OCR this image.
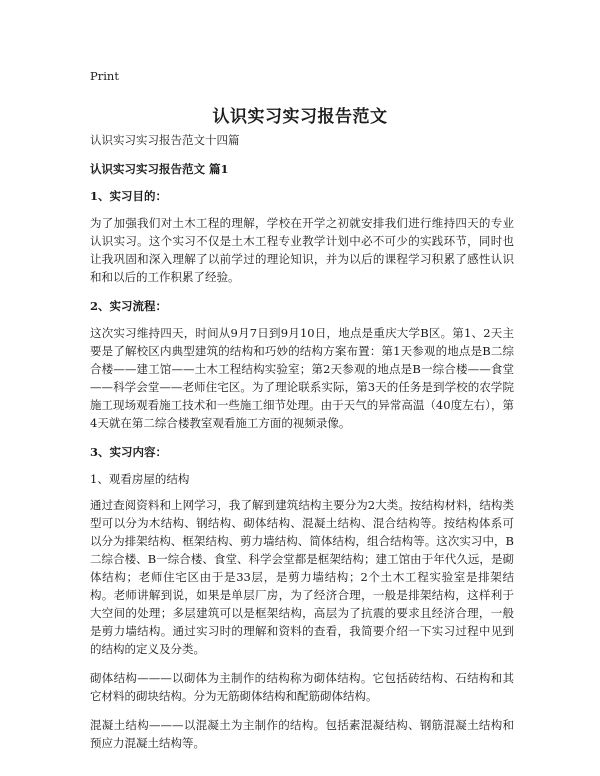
Print
认识实习实习报告范文

认识实习实习报告范文十四篇

认识实习实习报告范文 篇1

1、实习目的：

为了加强我们对土木工程的理解，学校在开学之初就安排我们进行维持四天的专业认识实习。这个实习不仅是土木工程专业教学计划中必不可少的实践环节，同时也让我巩固和深入理解了以前学过的理论知识，并为以后的课程学习积累了感性认识和和以后的工作积累了经验。

2、实习流程：

这次实习维持四天，时间从9月7日到9月10日，地点是重庆大学B区。第1、2天主要是了解校区内典型建筑的结构和巧妙的结构方案布置：第1天参观的地点是B二综合楼——建工馆——土木工程结构实验室；第2天参观的地点是B一综合楼——食堂——科学会堂——老师住宅区。为了理论联系实际，第3天的任务是到学校的农学院施工现场观看施工技术和一些施工细节处理。由于天气的异常高温（40度左右），第4天就在第二综合楼教室观看施工方面的视频录像。

3、实习内容：

1、观看房屋的结构

通过查阅资料和上网学习，我了解到建筑结构主要分为2大类。按结构材料，结构类型可以分为木结构、钢结构、砌体结构、混凝土结构、混合结构等。按结构体系可以分为排架结构、框架结构、剪力墙结构、简体结构，组合结构等。这次实习中，B二综合楼、B一综合楼、食堂、科学会堂都是框架结构；建工馆由于年代久远，是砌体结构；老师住宅区由于是33层，是剪力墙结构；2个土木工程实验室是排架结构。老师讲解到说，如果是单层厂房，为了经济合理，一般是排架结构，这样利于大空间的处理；多层建筑可以是框架结构，高层为了抗震的要求且经济合理，一般是剪力墙结构。通过实习时的理解和资料的查看，我简要介绍一下实习过程中见到的结构的定义及分类。

砌体结构———以砌体为主制作的结构称为砌体结构。它包括砖结构、石结构和其它材料的砌块结构。分为无筋砌体结构和配筋砌体结构。

混凝土结构———以混凝土为主制作的结构。包括素混凝结构、钢筋混凝土结构和预应力混凝土结构等。
